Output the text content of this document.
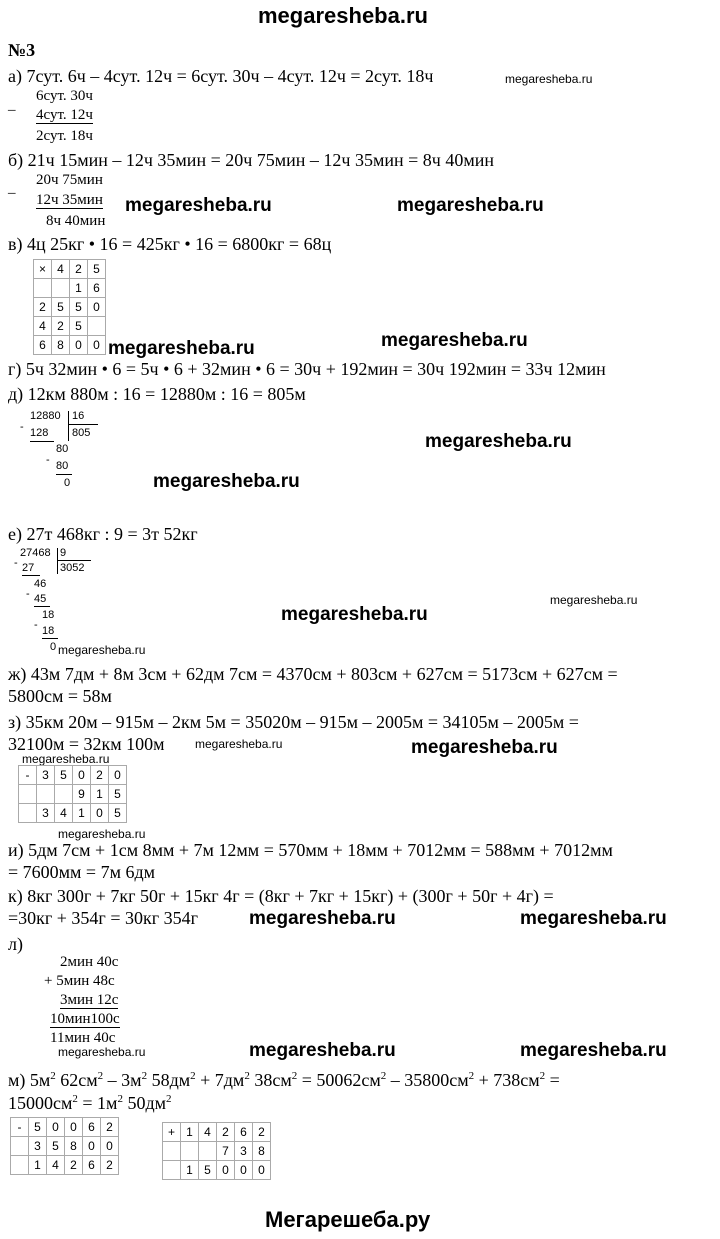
megaresheba.ru
№3
а) 7сут. 6ч – 4сут. 12ч = 6сут. 30ч – 4сут. 12ч = 2сут. 18ч	megaresheba.ru
_
6сут. 30ч
4сут. 12ч
2сут. 18ч
б) 21ч 15мин – 12ч 35мин = 20ч 75мин – 12ч 35мин = 8ч 40мин
_ 20ч 75мин
12ч 35мин
8ч 40мин
megaresheba.ru	megaresheba.ru
в) 4ц 25кг • 16 = 425кг • 16 = 6800кг = 68ц
×	4	2	5
		1	6
2	5	5	0
4	2	5	
6	8	0	0	megaresheba.ru
megaresheba.ru
г) 5ч 32мин • 6 = 5ч • 6 + 32мин • 6 = 30ч + 192мин = 30ч 192мин = 33ч 12мин
д) 12км 880м : 16 = 12880м : 16 = 805м
12880 16
805
- 128
80
- 80
0
megaresheba.ru
megaresheba.ru
е) 27т 468кг : 9 = 3т 52кг
27468 9
3052
- 27
46
- 45
18
- 18
0
megaresheba.ru
megaresheba.ru
megaresheba.ru
ж) 43м 7дм + 8м 3см + 62дм 7см = 4370см + 803см + 627см = 5173см + 627см =
5800см = 58м
з) 35км 20м – 915м – 2км 5м = 35020м – 915м – 2005м = 34105м – 2005м =
32100м = 32км 100м	megaresheba.ru	megaresheba.ru
megaresheba.ru
-	3	5	0	2	0
			9	1	5
	3	4	1	0	5
megaresheba.ru
и) 5дм 7см + 1см 8мм + 7м 12мм = 570мм + 18мм + 7012мм = 588мм + 7012мм
= 7600мм = 7м 6дм
к) 8кг 300г + 7кг 50г + 15кг 4г = (8кг + 7кг + 15кг) + (300г + 50г + 4г) =
=30кг + 354г = 30кг 354г	megaresheba.ru	megaresheba.ru
л)
2мин 40с
+ 5мин 48с
3мин 12с
10мин100с
11мин 40с
megaresheba.ru	megaresheba.ru	megaresheba.ru
м) $5м^2$ $62см^2 - 3м^2$ $58дм^2 + 7дм^2$ $38см^2 = 50062см^2 - 35800см^2 + 738см^2$ =
$15000см^2 = 1м^2$ $50дм^2$
-	5	0	0	6	2
	3	5	8	0	0
	1	4	2	6	2
+	1	4	2	6	2
			7	3	8
	1	5	0	0	0
Мегарешеба.ру
